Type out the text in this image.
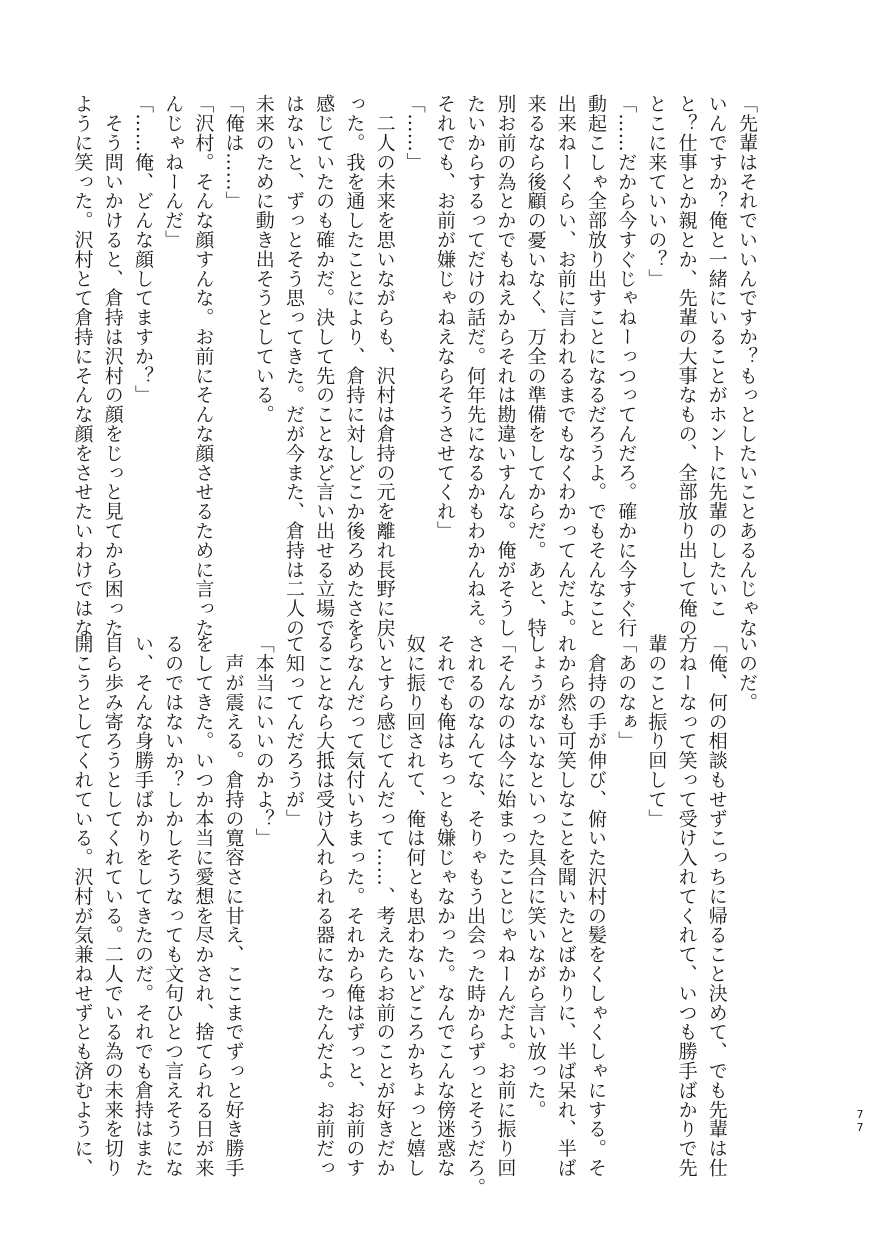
「先輩はそれでいいんですか？もっとしたいことあるんじゃな

いんですか？俺と一緒にいることがホントに先輩のしたいこ

と？仕事とか親とか、先輩の大事なもの、全部放り出して俺の

とこに来ていいの？」

「……だから今すぐじゃねーっつってんだろ。確かに今すぐ行

動起こしゃ全部放り出すことになるだろうよ。でもそんなこと

出来ねーくらい、お前に言われるまでもなくわかってんだよ。

来るなら後顧の憂いなく、万全の準備をしてからだ。あと、特

別お前の為とかでもねえからそれは勘違いすんな。俺がそうし

たいからするってだけの話だ。何年先になるかもわかんねえ。

それでも、お前が嫌じゃねえならそうさせてくれ」

「……」

　二人の未来を思いながらも、沢村は倉持の元を離れ長野に戻

った。我を通したことにより、倉持に対しどこか後ろめたさを

感じていたのも確かだ。決して先のことなど言い出せる立場で

はないと、ずっとそう思ってきた。だが今また、倉持は二人の

未来のために動き出そうとしている。

「俺は……」

「沢村。そんな顔すんな。お前にそんな顔させるために言った

んじゃねーんだ」

「……俺、どんな顔してますか？」

　そう問いかけると、倉持は沢村の顔をじっと見てから困った

ように笑った。沢村とて倉持にそんな顔をさせたいわけではな

いのだ。

「俺、何の相談もせずこっちに帰ること決めて、でも先輩は仕

方ねーなって笑って受け入れてくれて、いつも勝手ばかりで先

輩のこと振り回して」

「あのなぁ」

　倉持の手が伸び、俯いた沢村の髪をくしゃくしゃにする。そ

れから然も可笑しなことを聞いたとばかりに、半ば呆れ、半ば

しょうがないなといった具合に笑いながら言い放った。

「そんなのは今に始まったことじゃねーんだよ。お前に振り回

されるのなんてな、そりゃもう出会った時からずっとそうだろ。

それでも俺はちっとも嫌じゃなかった。なんでこんな傍迷惑な

奴に振り回されて、俺は何とも思わないどころかちょっと嬉し

いとすら感じてんだって……、考えたらお前のことが好きだか

らなんだって気付いちまった。それから俺はずっと、お前のす

ることなら大抵は受け入れられる器になったんだよ。お前だっ

て知ってんだろうが」

「本当にいいのかよ？」

　声が震える。倉持の寛容さに甘え、ここまでずっと好き勝手

をしてきた。いつか本当に愛想を尽かされ、捨てられる日が来

るのではないか？しかしそうなっても文句ひとつ言えそうにな

い、そんな身勝手ばかりをしてきたのだ。それでも倉持はまた

自ら歩み寄ろうとしてくれている。二人でいる為の未来を切り

開こうとしてくれている。沢村が気兼ねせずとも済むように、	7
7
